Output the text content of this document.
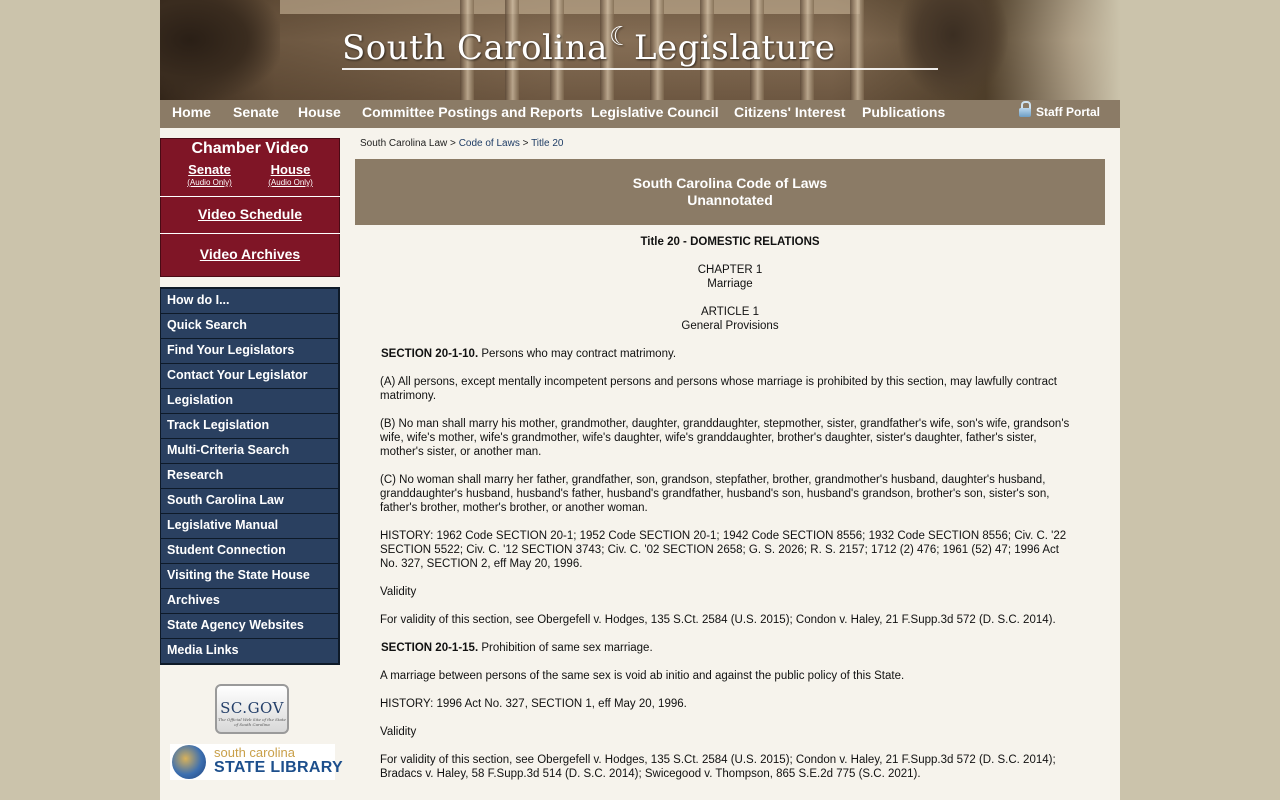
South Carolina☾Legislature
Home Senate House Committee Postings and Reports Legislative Council Citizens' Interest Publications	Staff Portal
Chamber Video
Senate
(Audio Only)
House
(Audio Only)
Video Schedule
Video Archives
How do I...
Quick Search
Find Your Legislators
Contact Your Legislator
Legislation
Track Legislation
Multi-Criteria Search
Research
South Carolina Law
Legislative Manual
Student Connection
Visiting the State House
Archives
State Agency Websites
Media Links
SC.GOV
The Official Web Site of the State of South Carolina
south carolina
STATE LIBRARY
South Carolina Law > Code of Laws > Title 20
South Carolina Code of Laws
Unannotated
Title 20 - DOMESTIC RELATIONS
CHAPTER 1
Marriage
ARTICLE 1
General Provisions
SECTION 20-1-10. Persons who may contract matrimony.
(A) All persons, except mentally incompetent persons and persons whose marriage is prohibited by this section, may lawfully contract matrimony.
(B) No man shall marry his mother, grandmother, daughter, granddaughter, stepmother, sister, grandfather's wife, son's wife, grandson's wife, wife's mother, wife's grandmother, wife's daughter, wife's granddaughter, brother's daughter, sister's daughter, father's sister, mother's sister, or another man.
(C) No woman shall marry her father, grandfather, son, grandson, stepfather, brother, grandmother's husband, daughter's husband, granddaughter's husband, husband's father, husband's grandfather, husband's son, husband's grandson, brother's son, sister's son, father's brother, mother's brother, or another woman.
HISTORY: 1962 Code SECTION 20-1; 1952 Code SECTION 20-1; 1942 Code SECTION 8556; 1932 Code SECTION 8556; Civ. C. '22 SECTION 5522; Civ. C. '12 SECTION 3743; Civ. C. '02 SECTION 2658; G. S. 2026; R. S. 2157; 1712 (2) 476; 1961 (52) 47; 1996 Act No. 327, SECTION 2, eff May 20, 1996.
Validity
For validity of this section, see Obergefell v. Hodges, 135 S.Ct. 2584 (U.S. 2015); Condon v. Haley, 21 F.Supp.3d 572 (D. S.C. 2014).
SECTION 20-1-15. Prohibition of same sex marriage.
A marriage between persons of the same sex is void ab initio and against the public policy of this State.
HISTORY: 1996 Act No. 327, SECTION 1, eff May 20, 1996.
Validity
For validity of this section, see Obergefell v. Hodges, 135 S.Ct. 2584 (U.S. 2015); Condon v. Haley, 21 F.Supp.3d 572 (D. S.C. 2014); Bradacs v. Haley, 58 F.Supp.3d 514 (D. S.C. 2014); Swicegood v. Thompson, 865 S.E.2d 775 (S.C. 2021).
